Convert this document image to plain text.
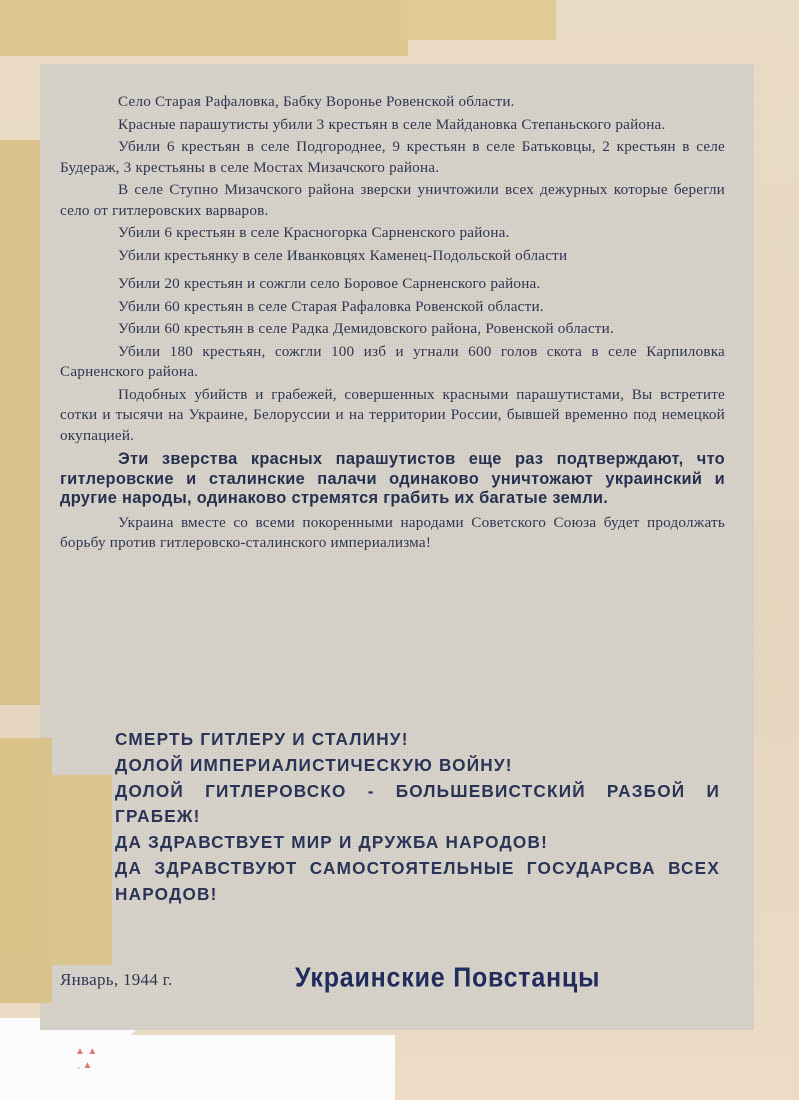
Село Старая Рафаловка, Бабку Воронье Ровенской области.

Красные парашутисты убили 3 крестьян в селе Майдановка Степаньского района.

Убили 6 крестьян в селе Подгороднее, 9 крестьян в селе Батьковцы, 2 крестьян в селе Будераж, 3 крестьяны в селе Мостах Мизачского района.

В селе Ступно Мизачского района зверски уничтожили всех дежурных которые берегли село от гитлеровских варваров.

Убили 6 крестьян в селе Красногорка Сарненского района.

Убили крестьянку в селе Иванковцях Каменец-Подольской области

Убили 20 крестьян и сожгли село Боровое Сарненского района.

Убили 60 крестьян в селе Старая Рафаловка Ровенской области.

Убили 60 крестьян в селе Радка Демидовского района, Ровенской области.

Убили 180 крестьян, сожгли 100 изб и угнали 600 голов скота в селе Карпиловка Сарненского района.

Подобных убийств и грабежей, совершенных красными парашутистами, Вы встретите сотки и тысячи на Украине, Белоруссии и на территории России, бывшей временно под немецкой окупацией.

Эти зверства красных парашутистов еще раз подтверждают, что гитлеровские и сталинские палачи одинаково уничтожают украинский и другие народы, одинаково стремятся грабить их багатые земли.

Украина вместе со всеми покоренными народами Советского Союза будет продолжать борьбу против гитлеровско-сталинского империализма!

СМЕРТЬ ГИТЛЕРУ И СТАЛИНУ!
ДОЛОЙ ИМПЕРИАЛИСТИЧЕСКУЮ ВОЙНУ!
ДОЛОЙ ГИТЛЕРОВСКО - БОЛЬШЕВИСТСКИЙ РАЗБОЙ И ГРАБЕЖ!
ДА ЗДРАВСТВУЕТ МИР И ДРУЖБА НАРОДОВ!
ДА ЗДРАВСТВУЮТ САМОСТОЯТЕЛЬНЫЕ ГОСУДАРСВА ВСЕХ НАРОДОВ!
Январь, 1944 г.	Украинские Повстанцы
▲ ▲
, ▲
